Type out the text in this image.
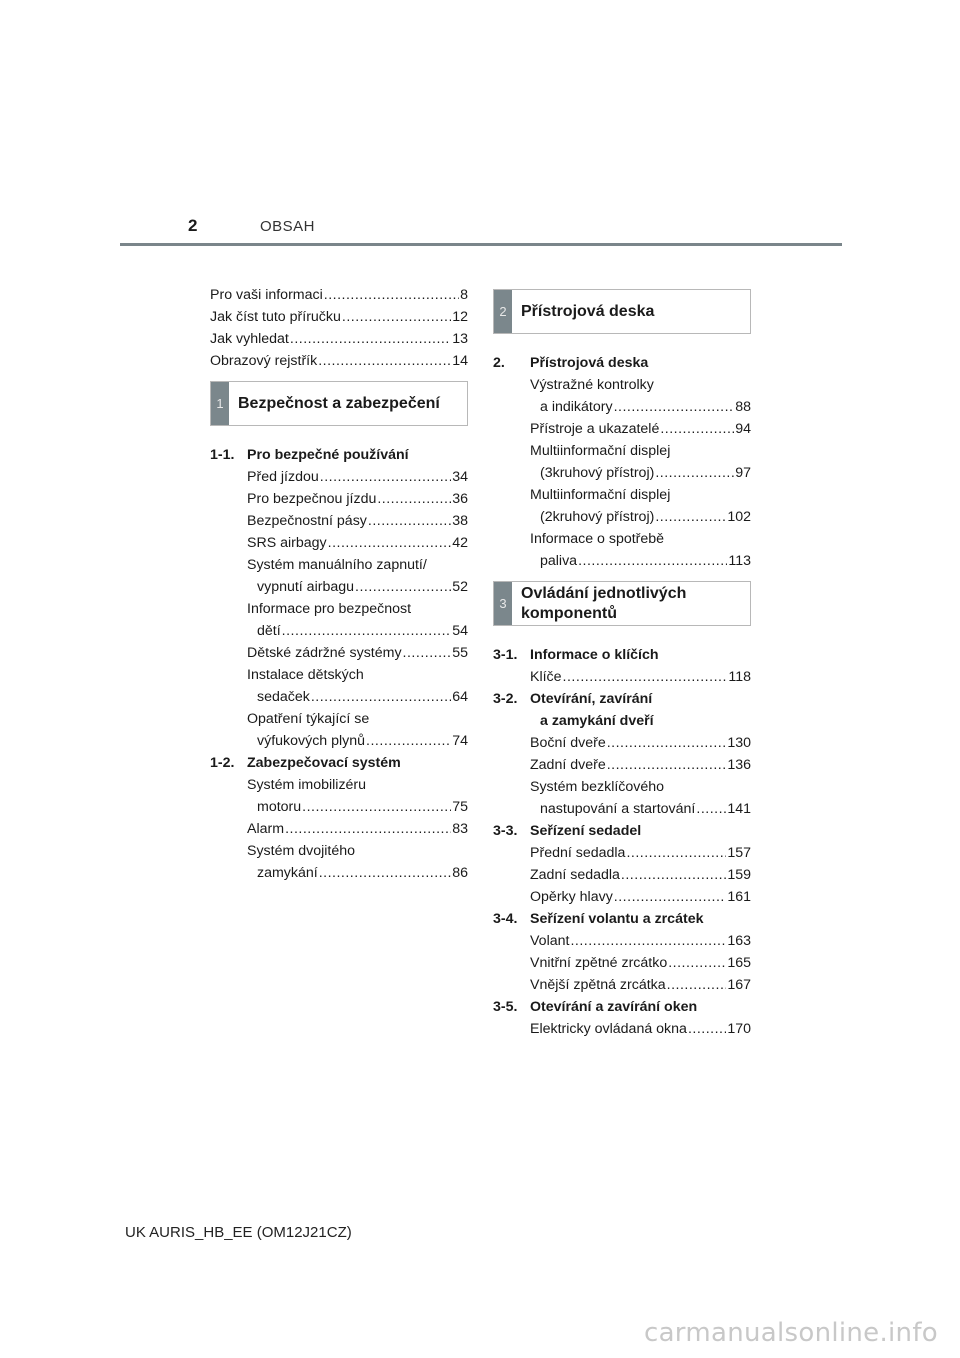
2	OBSAH
Pro vaši informaci .....	8
Jak číst tuto příručku .....	12
Jak vyhledat .....	13
Obrazový rejstřík .....	14
1 Bezpečnost a zabezpečení
1-1. Pro bezpečné používání
Před jízdou .....	34
Pro bezpečnou jízdu .....	36
Bezpečnostní pásy .....	38
SRS airbagy .....	42
Systém manuálního zapnutí/
vypnutí airbagu .....	52
Informace pro bezpečnost
dětí .....	54
Dětské zádržné systémy .....	55
Instalace dětských
sedaček .....	64
Opatření týkající se
výfukových plynů .....	74
1-2. Zabezpečovací systém
Systém imobilizéru
motoru .....	75
Alarm .....	83
Systém dvojitého
zamykání .....	86
2 Přístrojová deska
2.	Přístrojová deska
Výstražné kontrolky
a indikátory .....	88
Přístroje a ukazatelé .....	94
Multiinformační displej
(3kruhový přístroj) .....	97
Multiinformační displej
(2kruhový přístroj) .....	102
Informace o spotřebě
paliva .....	113
3
Ovládání jednotlivých
komponentů
3-1. Informace o klíčích
Klíče .....	118
3-2. Otevírání, zavírání
a zamykání dveří
Boční dveře .....	130
Zadní dveře .....	136
Systém bezklíčového
nastupování a startování ..... 141
3-3. Seřízení sedadel
Přední sedadla .....	157
Zadní sedadla .....	159
Opěrky hlavy .....	161
3-4. Seřízení volantu a zrcátek
Volant .....	163
Vnitřní zpětné zrcátko .....	165
Vnější zpětná zrcátka .....	167
3-5. Otevírání a zavírání oken
Elektricky ovládaná okna .....	170
UK AURIS_HB_EE (OM12J21CZ)
carmanualsonline.info
